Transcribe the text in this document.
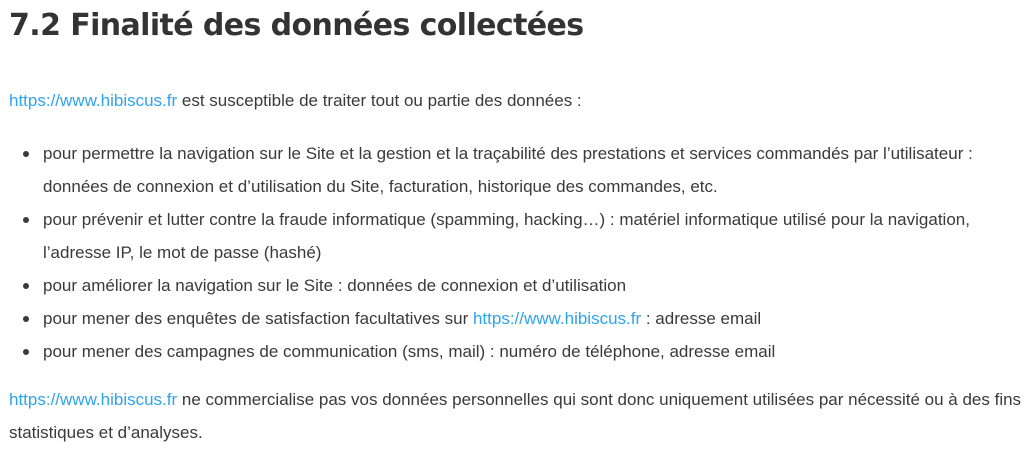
7.2 Finalité des données collectées

https://www.hibiscus.fr est susceptible de traiter tout ou partie des données :

pour permettre la navigation sur le Site et la gestion et la traçabilité des prestations et services commandés par l’utilisateur : données de connexion et d’utilisation du Site, facturation, historique des commandes, etc.
pour prévenir et lutter contre la fraude informatique (spamming, hacking…) : matériel informatique utilisé pour la navigation, l’adresse IP, le mot de passe (hashé)
pour améliorer la navigation sur le Site : données de connexion et d’utilisation
pour mener des enquêtes de satisfaction facultatives sur https://www.hibiscus.fr : adresse email
pour mener des campagnes de communication (sms, mail) : numéro de téléphone, adresse email

https://www.hibiscus.fr ne commercialise pas vos données personnelles qui sont donc uniquement utilisées par nécessité ou à des fins statistiques et d’analyses.
